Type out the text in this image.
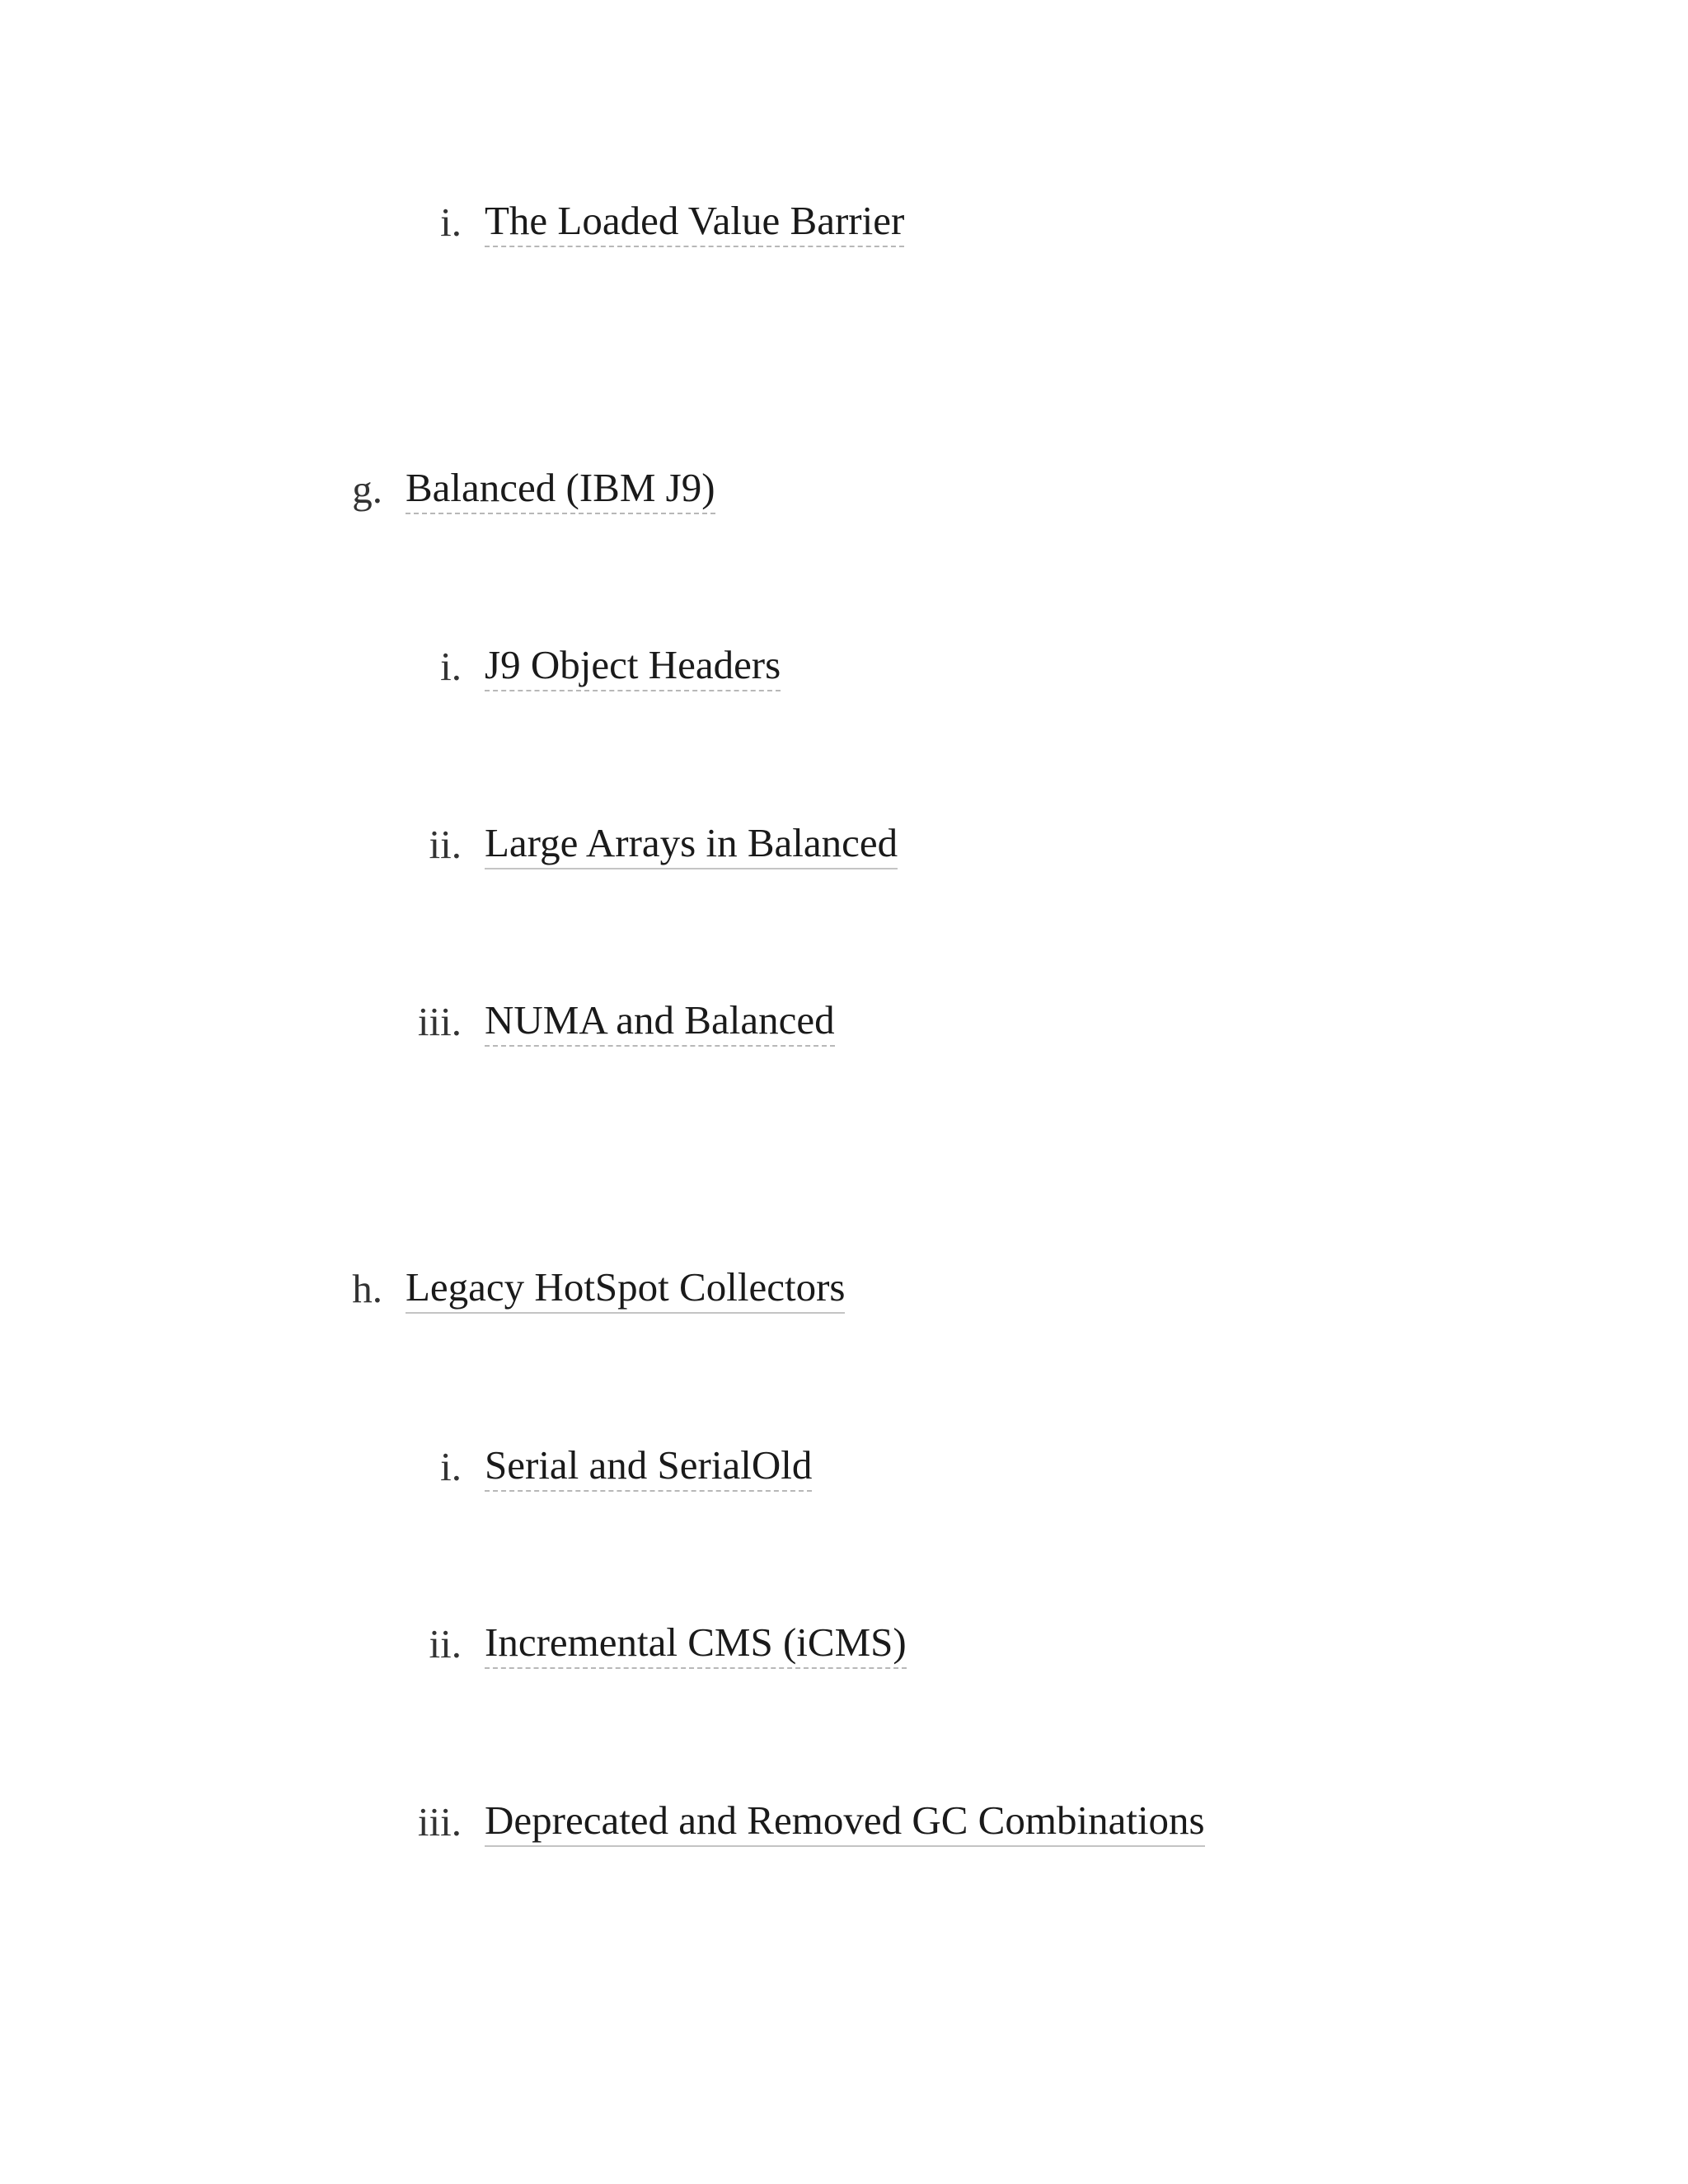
i. The Loaded Value Barrier
g. Balanced (IBM J9)
i. J9 Object Headers
ii. Large Arrays in Balanced
iii. NUMA and Balanced
h. Legacy HotSpot Collectors
i. Serial and SerialOld
ii. Incremental CMS (iCMS)
iii. Deprecated and Removed GC Combinations
